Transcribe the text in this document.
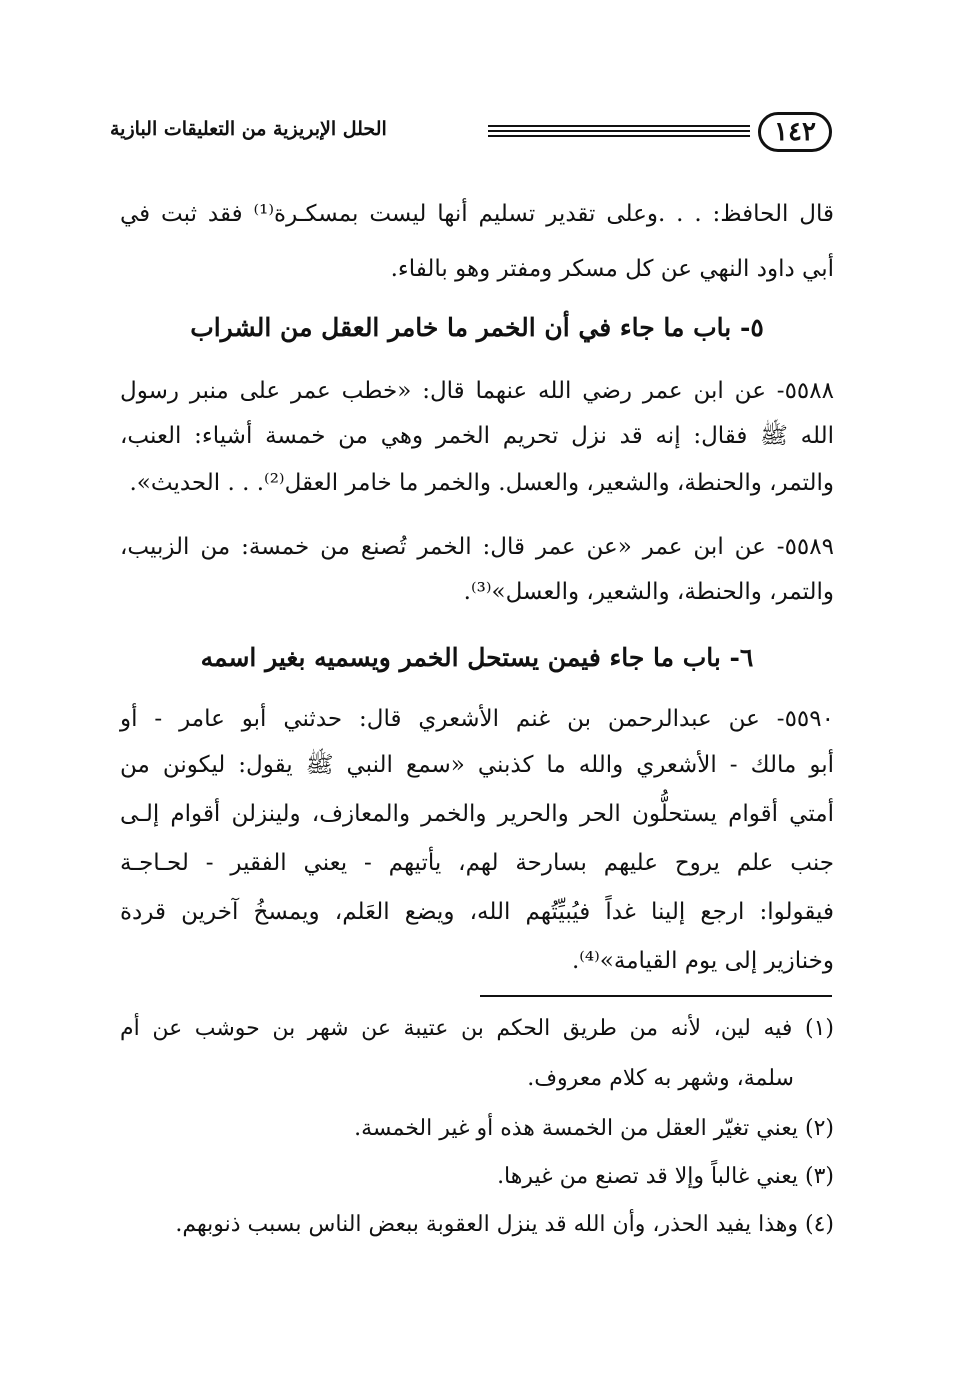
١٤٢
الحلل الإبريزية من التعليقات البازية
قال الحافظ: . . .وعلى تقدير تسليم أنها ليست بمسكـرة⁽¹⁾ فقد ثبت في
أبي داود النهي عن كل مسكر ومفتر وهو بالفاء.
٥- باب ما جاء في أن الخمر ما خامر العقل من الشراب
٥٥٨٨- عن ابن عمر رضي الله عنهما قال: «خطب عمر على منبر رسول
الله ﷺ فقال: إنه قد نزل تحريم الخمر وهي من خمسة أشياء: العنب،
والتمر، والحنطة، والشعير، والعسل. والخمر ما خامر العقل⁽²⁾. . . الحديث».
٥٥٨٩- عن ابن عمر «عن عمر قال: الخمر تُصنع من خمسة: من الزبيب،
والتمر، والحنطة، والشعير، والعسل»⁽³⁾.
٦- باب ما جاء فيمن يستحل الخمر ويسميه بغير اسمه
٥٥٩٠- عن عبدالرحمن بن غنم الأشعري قال: حدثني أبو عامر - أو
أبو مالك - الأشعري والله ما كذبني «سمع النبي ﷺ يقول: ليكونن من
أمتي أقوام يستحلُّون الحر والحرير والخمر والمعازف، ولينزلن أقوام إلـى
جنب علم يروح عليهم بسارحة لهم، يأتيهم - يعني الفقير - لحـاجـة
فيقولوا: ارجع إلينا غداً فيُبيِّتُهم الله، ويضع العَلم، ويمسخُ آخرين قردة
وخنازير إلى يوم القيامة»⁽⁴⁾.
(١) فيه لين، لأنه من طريق الحكم بن عتيبة عن شهر بن حوشب عن أم
سلمة، وشهر به كلام معروف.
(٢) يعني تغيّر العقل من الخمسة هذه أو غير الخمسة.
(٣) يعني غالباً وإلا قد تصنع من غيرها.
(٤) وهذا يفيد الحذر، وأن الله قد ينزل العقوبة ببعض الناس بسبب ذنوبهم.
